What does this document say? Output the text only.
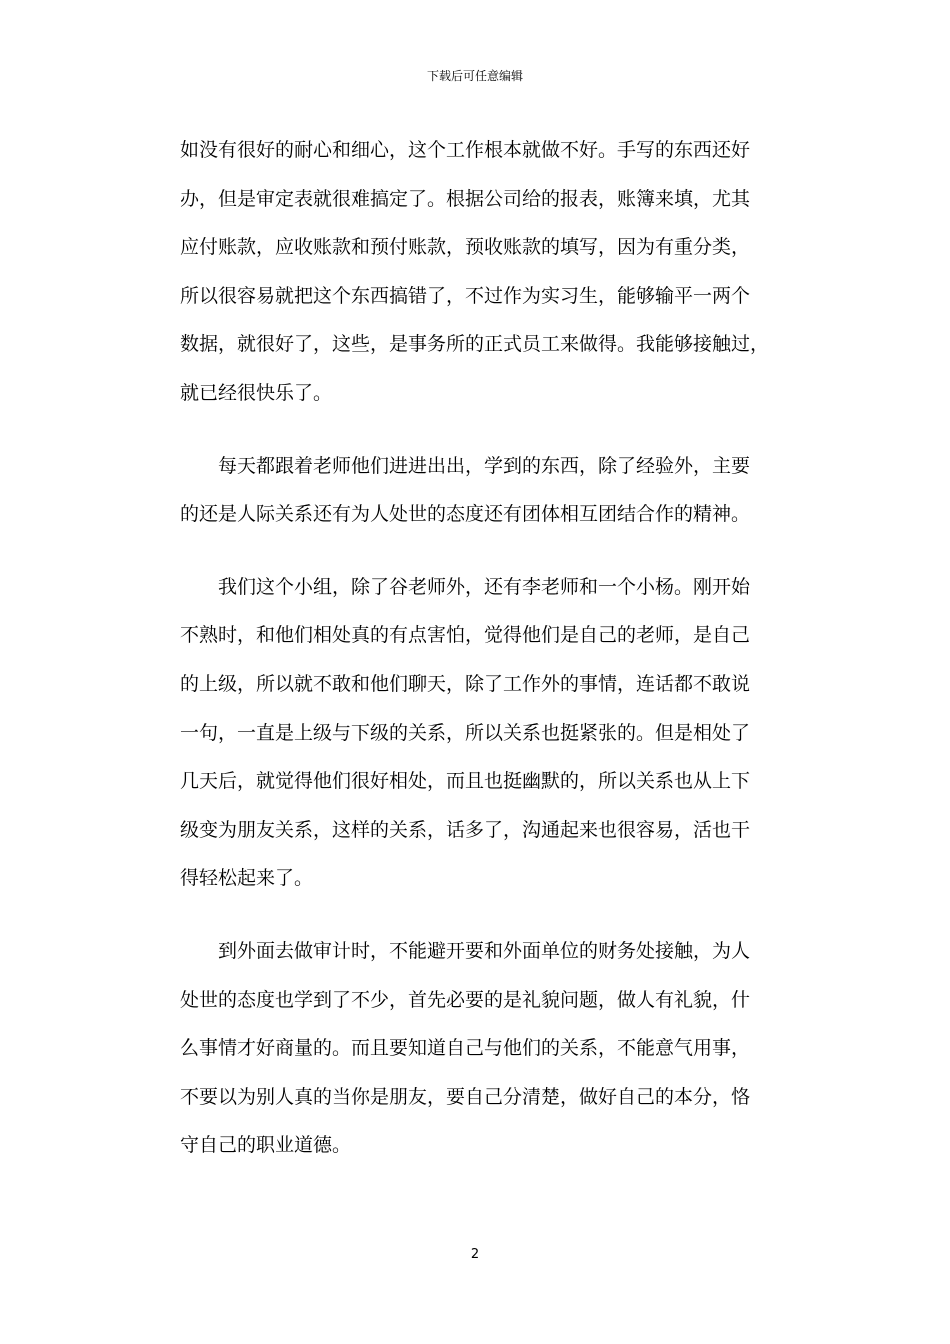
下载后可任意编辑
如没有很好的耐心和细心，这个工作根本就做不好。手写的东西还好
办，但是审定表就很难搞定了。根据公司给的报表，账簿来填，尤其
应付账款，应收账款和预付账款，预收账款的填写，因为有重分类，
所以很容易就把这个东西搞错了，不过作为实习生，能够输平一两个
数据，就很好了，这些，是事务所的正式员工来做得。我能够接触过，
就已经很快乐了。
每天都跟着老师他们进进出出，学到的东西，除了经验外，主要
的还是人际关系还有为人处世的态度还有团体相互团结合作的精神。
我们这个小组，除了谷老师外，还有李老师和一个小杨。刚开始
不熟时，和他们相处真的有点害怕，觉得他们是自己的老师，是自己
的上级，所以就不敢和他们聊天，除了工作外的事情，连话都不敢说
一句，一直是上级与下级的关系，所以关系也挺紧张的。但是相处了
几天后，就觉得他们很好相处，而且也挺幽默的，所以关系也从上下
级变为朋友关系，这样的关系，话多了，沟通起来也很容易，活也干
得轻松起来了。
到外面去做审计时，不能避开要和外面单位的财务处接触，为人
处世的态度也学到了不少，首先必要的是礼貌问题，做人有礼貌，什
么事情才好商量的。而且要知道自己与他们的关系，不能意气用事，
不要以为别人真的当你是朋友，要自己分清楚，做好自己的本分，恪
守自己的职业道德。
2
